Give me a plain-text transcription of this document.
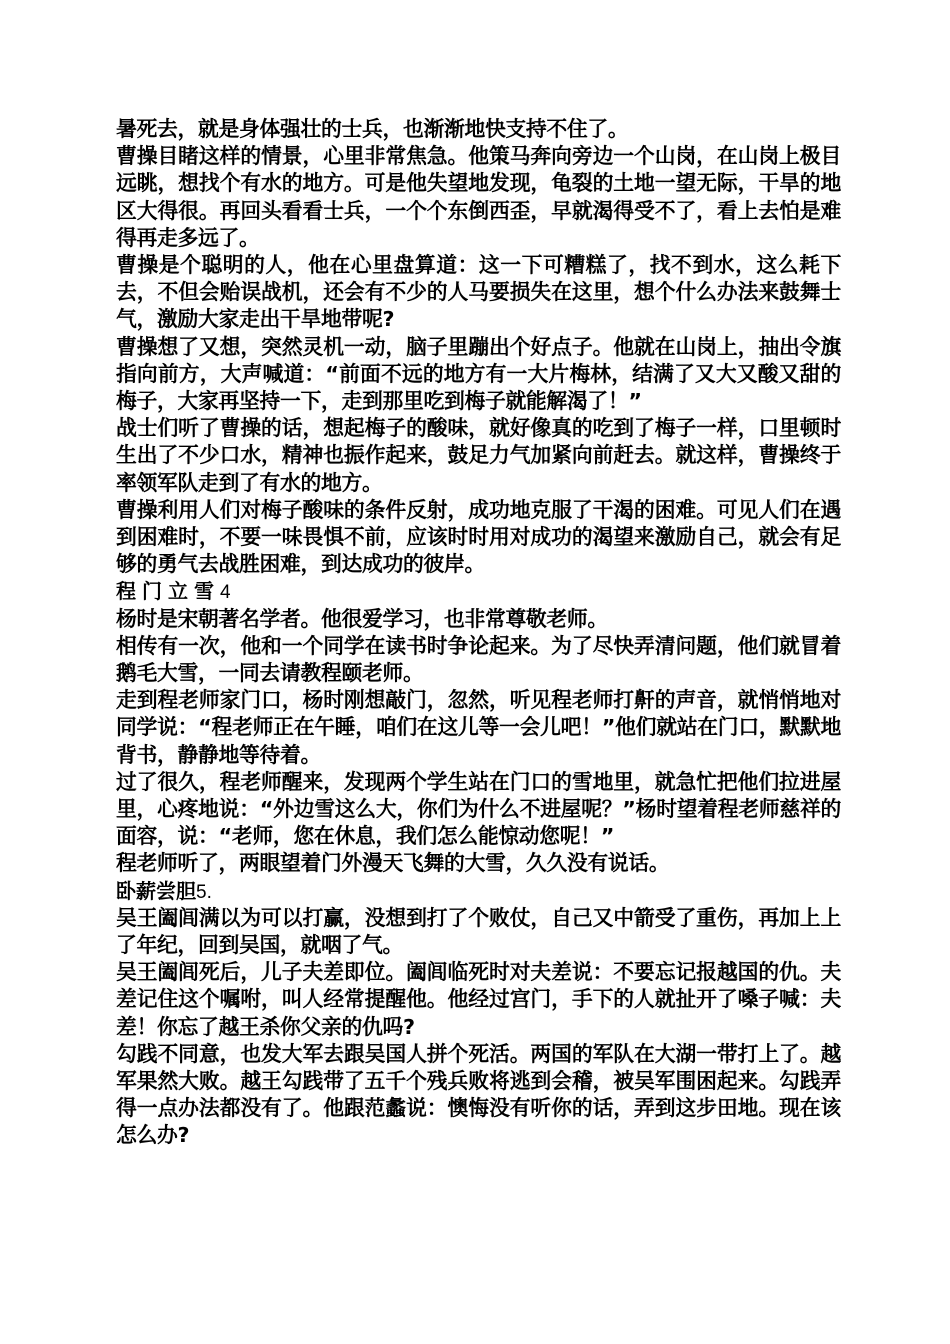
暑死去，就是身体强壮的士兵，也渐渐地快支持不住了。

曹操目睹这样的情景，心里非常焦急。他策马奔向旁边一个山岗，在山岗上极目远眺，想找个有水的地方。可是他失望地发现，龟裂的土地一望无际，干旱的地区大得很。再回头看看士兵，一个个东倒西歪，早就渴得受不了，看上去怕是难得再走多远了。

曹操是个聪明的人，他在心里盘算道：这一下可糟糕了，找不到水，这么耗下去，不但会贻误战机，还会有不少的人马要损失在这里，想个什么办法来鼓舞士气，激励大家走出干旱地带呢?

曹操想了又想，突然灵机一动，脑子里蹦出个好点子。他就在山岗上，抽出令旗指向前方，大声喊道：“前面不远的地方有一大片梅林，结满了又大又酸又甜的梅子，大家再坚持一下，走到那里吃到梅子就能解渴了！”

战士们听了曹操的话，想起梅子的酸味，就好像真的吃到了梅子一样，口里顿时生出了不少口水，精神也振作起来，鼓足力气加紧向前赶去。就这样，曹操终于率领军队走到了有水的地方。

曹操利用人们对梅子酸味的条件反射，成功地克服了干渴的困难。可见人们在遇到困难时，不要一味畏惧不前，应该时时用对成功的渴望来激励自己，就会有足够的勇气去战胜困难，到达成功的彼岸。

程门立雪4

杨时是宋朝著名学者。他很爱学习，也非常尊敬老师。

相传有一次，他和一个同学在读书时争论起来。为了尽快弄清问题，他们就冒着鹅毛大雪，一同去请教程颐老师。

走到程老师家门口，杨时刚想敲门，忽然，听见程老师打鼾的声音，就悄悄地对同学说：“程老师正在午睡，咱们在这儿等一会儿吧！”他们就站在门口，默默地背书，静静地等待着。

过了很久，程老师醒来，发现两个学生站在门口的雪地里，就急忙把他们拉进屋里，心疼地说：“外边雪这么大，你们为什么不进屋呢？”杨时望着程老师慈祥的面容，说：“老师，您在休息，我们怎么能惊动您呢！”

程老师听了，两眼望着门外漫天飞舞的大雪，久久没有说话。

卧薪尝胆5.

吴王阖闾满以为可以打赢，没想到打了个败仗，自己又中箭受了重伤，再加上上了年纪，回到吴国，就咽了气。

吴王阖闾死后，儿子夫差即位。阖闾临死时对夫差说：不要忘记报越国的仇。夫差记住这个嘱咐，叫人经常提醒他。他经过宫门，手下的人就扯开了嗓子喊：夫差！你忘了越王杀你父亲的仇吗?

勾践不同意，也发大军去跟吴国人拼个死活。两国的军队在大湖一带打上了。越军果然大败。越王勾践带了五千个残兵败将逃到会稽，被吴军围困起来。勾践弄得一点办法都没有了。他跟范蠡说：懊悔没有听你的话，弄到这步田地。现在该怎么办?
